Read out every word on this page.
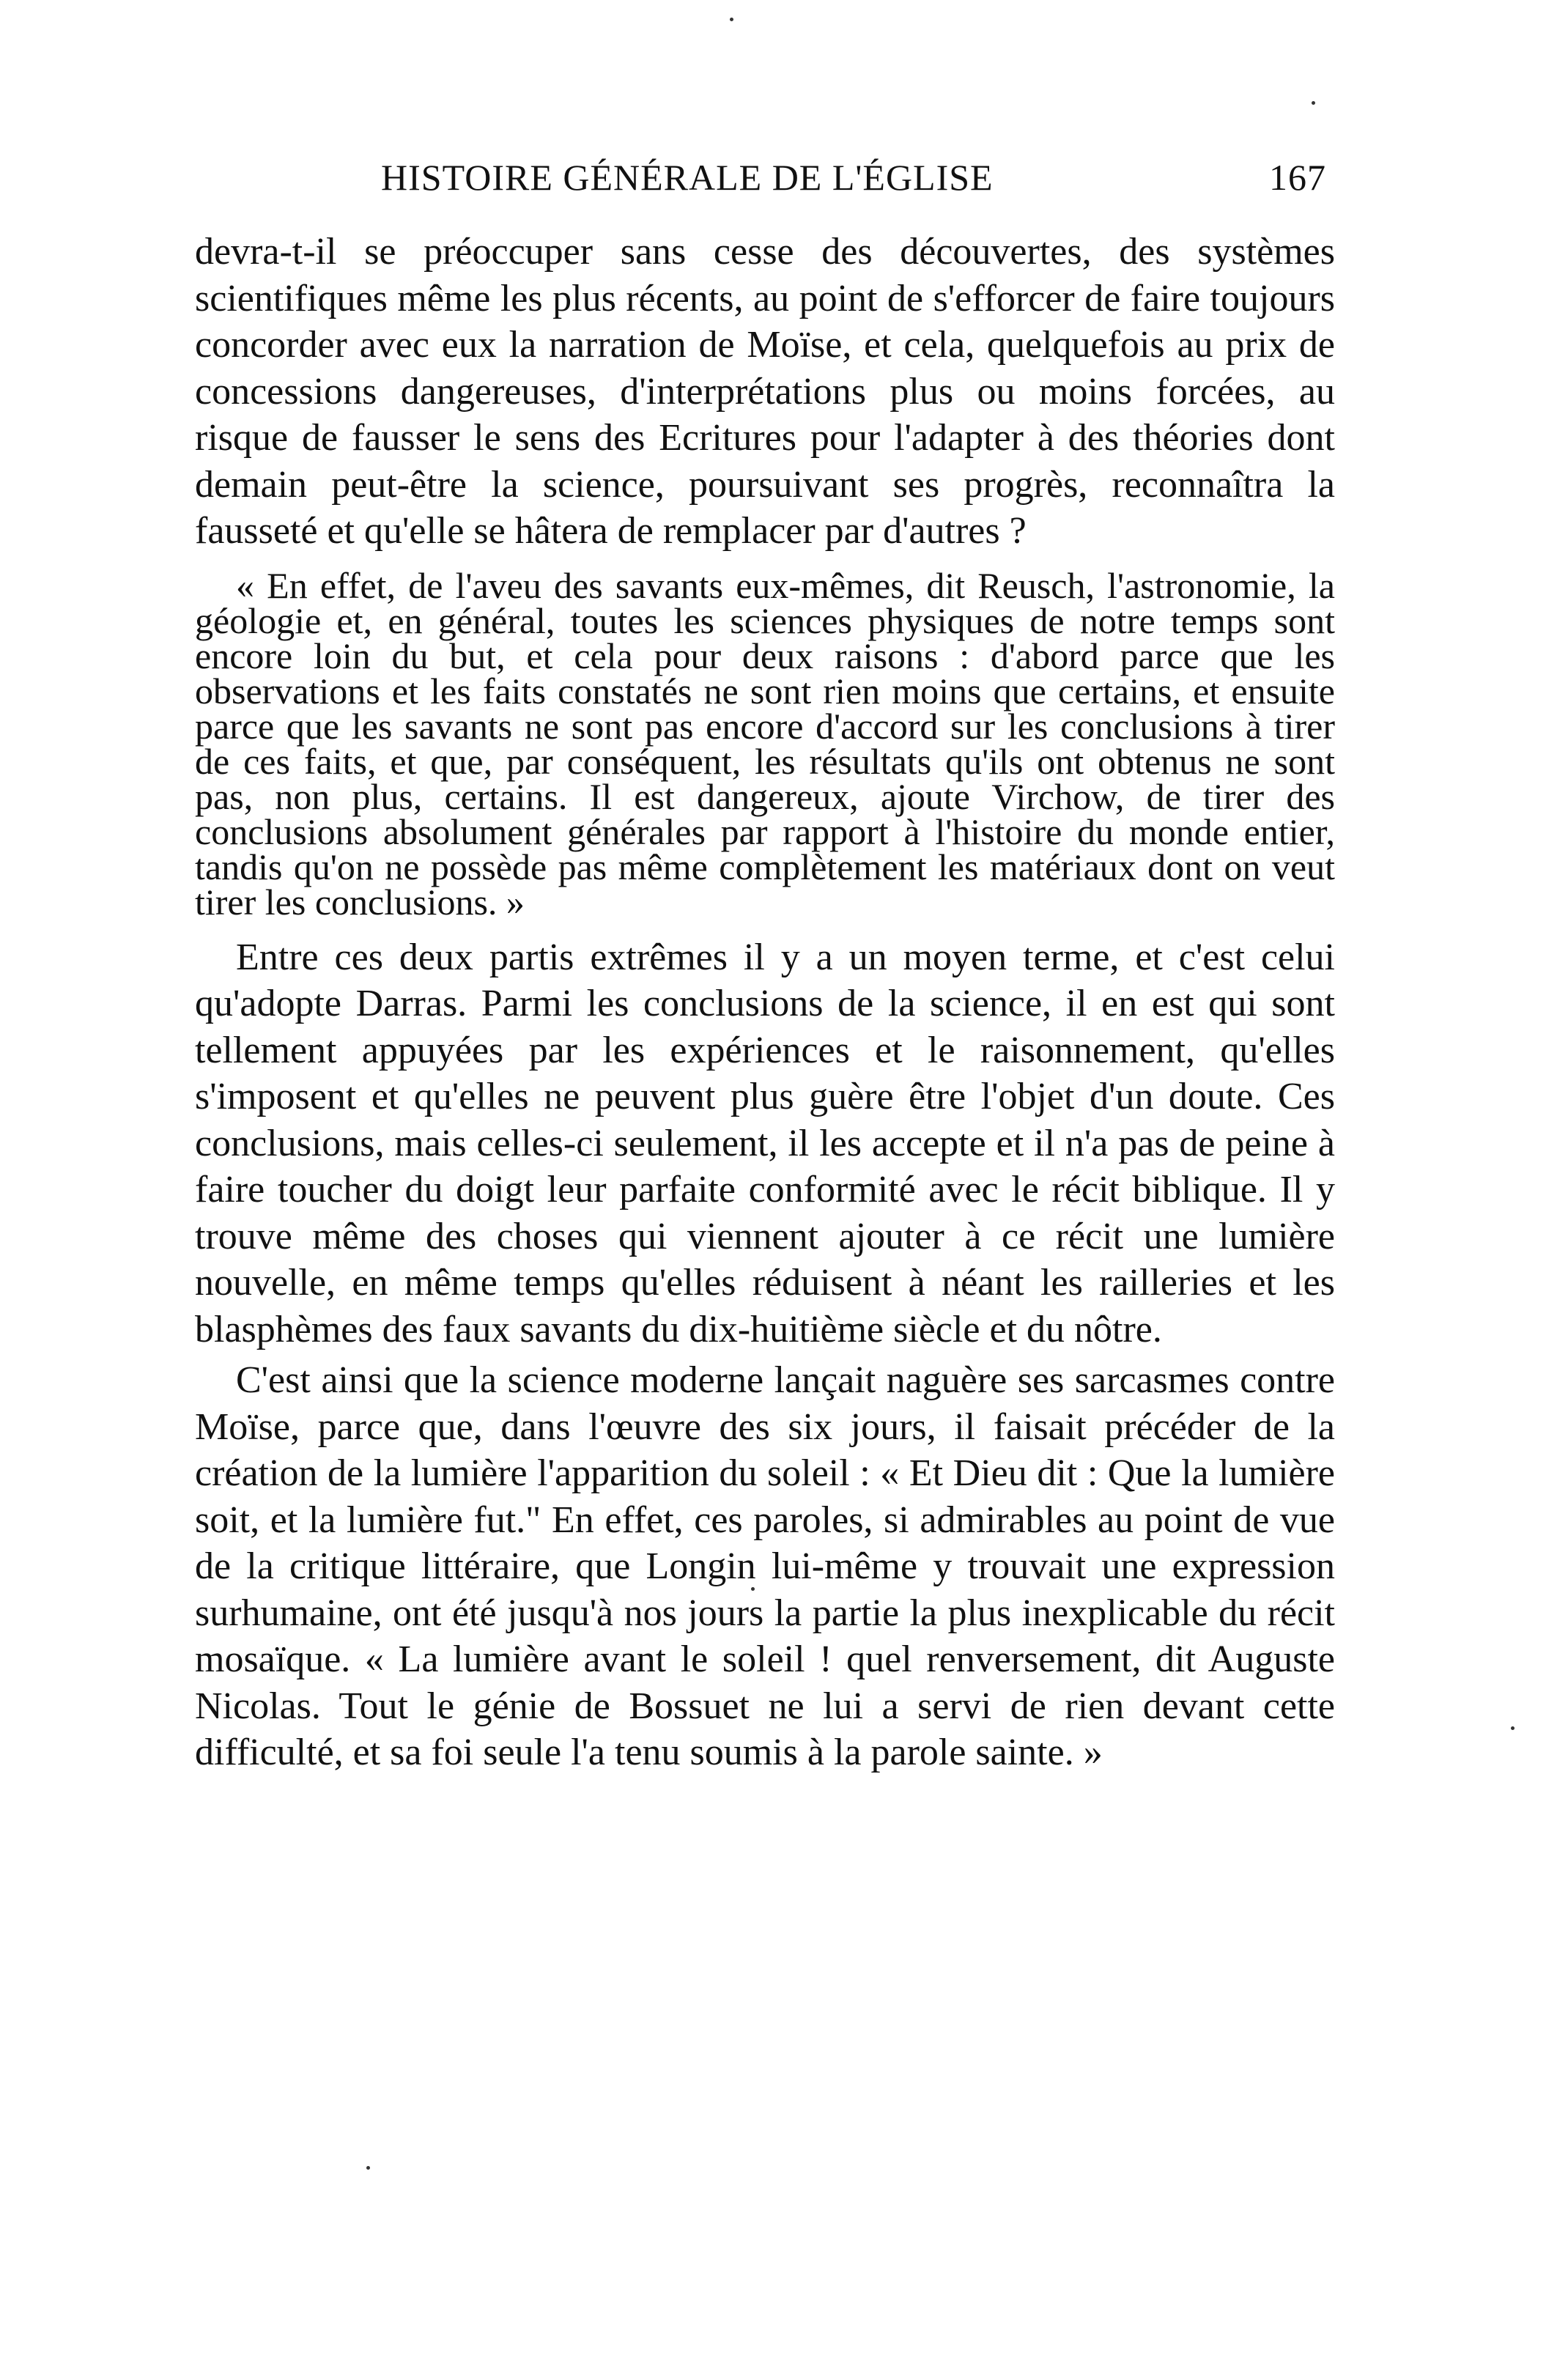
HISTOIRE GÉNÉRALE DE L'ÉGLISE	167

devra-t-il se préoccuper sans cesse des découvertes, des systèmes scientifiques même les plus récents, au point de s'efforcer de faire toujours concorder avec eux la narration de Moïse, et cela, quelquefois au prix de concessions dangereuses, d'interprétations plus ou moins forcées, au risque de fausser le sens des Ecritures pour l'adapter à des théories dont demain peut-être la science, poursuivant ses progrès, reconnaîtra la fausseté et qu'elle se hâtera de remplacer par d'autres ?

« En effet, de l'aveu des savants eux-mêmes, dit Reusch, l'astronomie, la géologie et, en général, toutes les sciences physiques de notre temps sont encore loin du but, et cela pour deux raisons : d'abord parce que les observations et les faits constatés ne sont rien moins que certains, et ensuite parce que les savants ne sont pas encore d'accord sur les conclusions à tirer de ces faits, et que, par conséquent, les résultats qu'ils ont obtenus ne sont pas, non plus, certains. Il est dangereux, ajoute Virchow, de tirer des conclusions absolument générales par rapport à l'histoire du monde entier, tandis qu'on ne possède pas même complètement les matériaux dont on veut tirer les conclusions. »

Entre ces deux partis extrêmes il y a un moyen terme, et c'est celui qu'adopte Darras. Parmi les conclusions de la science, il en est qui sont tellement appuyées par les expériences et le raisonnement, qu'elles s'imposent et qu'elles ne peuvent plus guère être l'objet d'un doute. Ces conclusions, mais celles-ci seulement, il les accepte et il n'a pas de peine à faire toucher du doigt leur parfaite conformité avec le récit biblique. Il y trouve même des choses qui viennent ajouter à ce récit une lumière nouvelle, en même temps qu'elles réduisent à néant les railleries et les blasphèmes des faux savants du dix-huitième siècle et du nôtre.

C'est ainsi que la science moderne lançait naguère ses sarcasmes contre Moïse, parce que, dans l'œuvre des six jours, il faisait précéder de la création de la lumière l'apparition du soleil : « Et Dieu dit : Que la lumière soit, et la lumière fut." En effet, ces paroles, si admirables au point de vue de la critique littéraire, que Longin lui-même y trouvait une expression surhumaine, ont été jusqu'à nos jours la partie la plus inexplicable du récit mosaïque. « La lumière avant le soleil ! quel renversement, dit Auguste Nicolas. Tout le génie de Bossuet ne lui a servi de rien devant cette difficulté, et sa foi seule l'a tenu soumis à la parole sainte. »
